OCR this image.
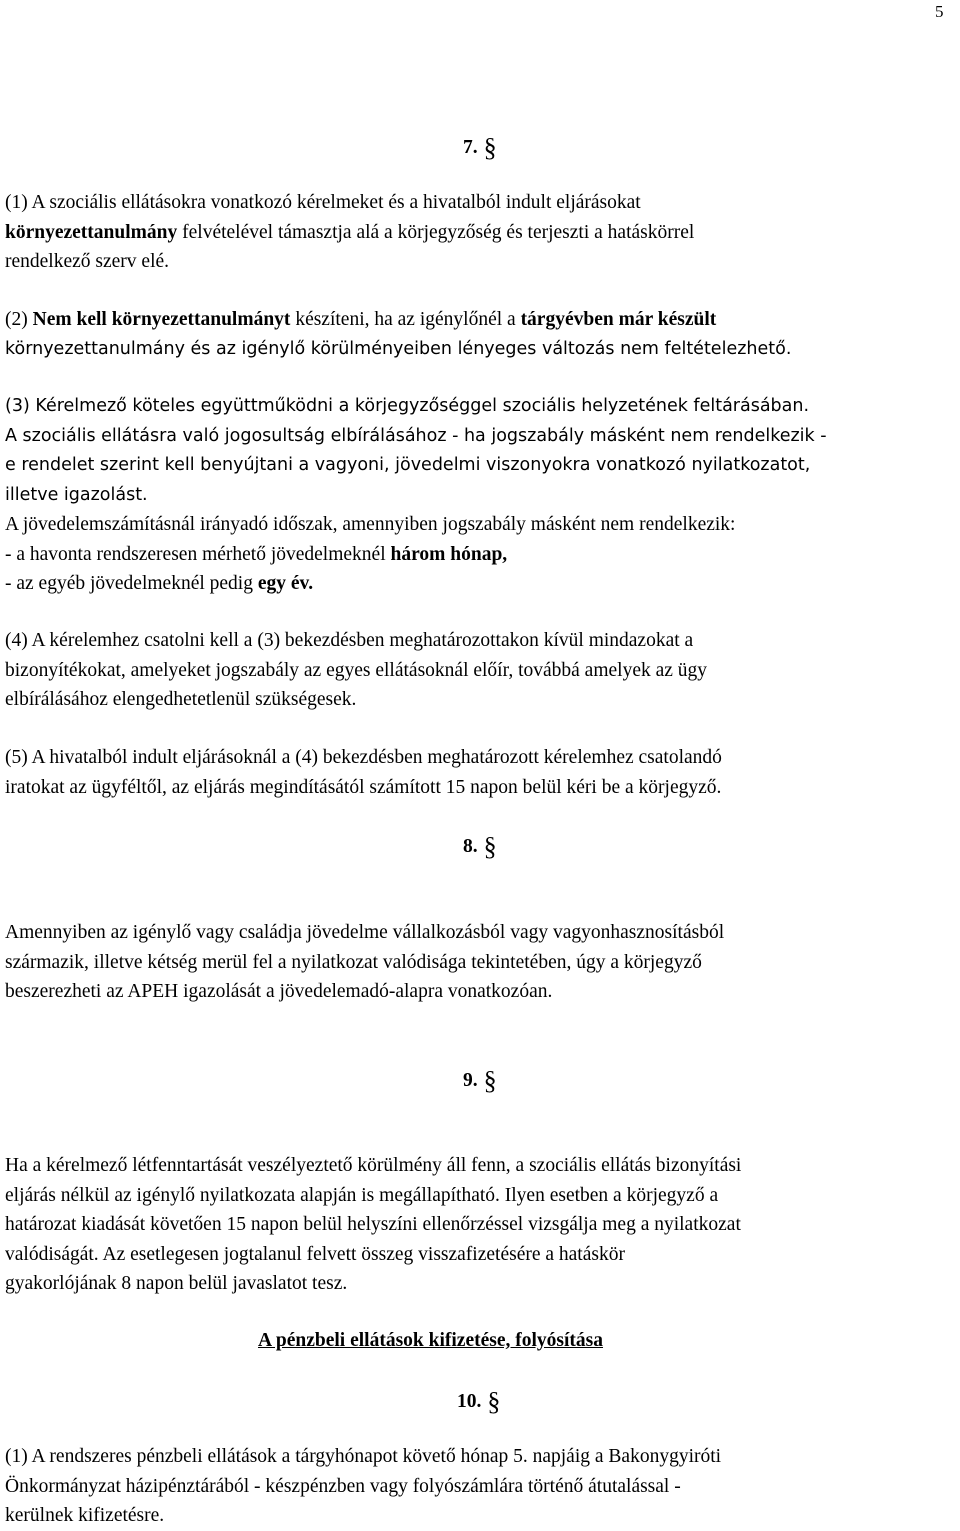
5
7. §
(1) A szociális ellátásokra vonatkozó kérelmeket és a hivatalból indult eljárásokat
környezettanulmány felvételével támasztja alá a körjegyzőség és terjeszti a hatáskörrel
rendelkező szerv elé.
(2) Nem kell környezettanulmányt készíteni, ha az igénylőnél a tárgyévben már készült
környezettanulmány és az igénylő körülményeiben lényeges változás nem feltételezhető.
(3) Kérelmező köteles együttműködni a körjegyzőséggel szociális helyzetének feltárásában.
A szociális ellátásra való jogosultság elbírálásához - ha jogszabály másként nem rendelkezik -
e rendelet szerint kell benyújtani a vagyoni, jövedelmi viszonyokra vonatkozó nyilatkozatot,
illetve igazolást.
A jövedelemszámításnál irányadó időszak, amennyiben jogszabály másként nem rendelkezik:
- a havonta rendszeresen mérhető jövedelmeknél három hónap,
- az egyéb jövedelmeknél pedig egy év.
(4) A kérelemhez csatolni kell a (3) bekezdésben meghatározottakon kívül mindazokat a
bizonyítékokat, amelyeket jogszabály az egyes ellátásoknál előír, továbbá amelyek az ügy
elbírálásához elengedhetetlenül szükségesek.
(5) A hivatalból indult eljárásoknál a (4) bekezdésben meghatározott kérelemhez csatolandó
iratokat az ügyféltől, az eljárás megindításától számított 15 napon belül kéri be a körjegyző.
8. §
Amennyiben az igénylő vagy családja jövedelme vállalkozásból vagy vagyonhasznosításból
származik, illetve kétség merül fel a nyilatkozat valódisága tekintetében, úgy a körjegyző
beszerezheti az APEH igazolását a jövedelemadó-alapra vonatkozóan.
9. §
Ha a kérelmező létfenntartását veszélyeztető körülmény áll fenn, a szociális ellátás bizonyítási
eljárás nélkül az igénylő nyilatkozata alapján is megállapítható. Ilyen esetben a körjegyző a
határozat kiadását követően 15 napon belül helyszíni ellenőrzéssel vizsgálja meg a nyilatkozat
valódiságát. Az esetlegesen jogtalanul felvett összeg visszafizetésére a hatáskör
gyakorlójának 8 napon belül javaslatot tesz.
A pénzbeli ellátások kifizetése, folyósítása
10. §
(1) A rendszeres pénzbeli ellátások a tárgyhónapot követő hónap 5. napjáig a Bakonygyiróti
Önkormányzat házipénztárából - készpénzben vagy folyószámlára történő átutalással -
kerülnek kifizetésre.
